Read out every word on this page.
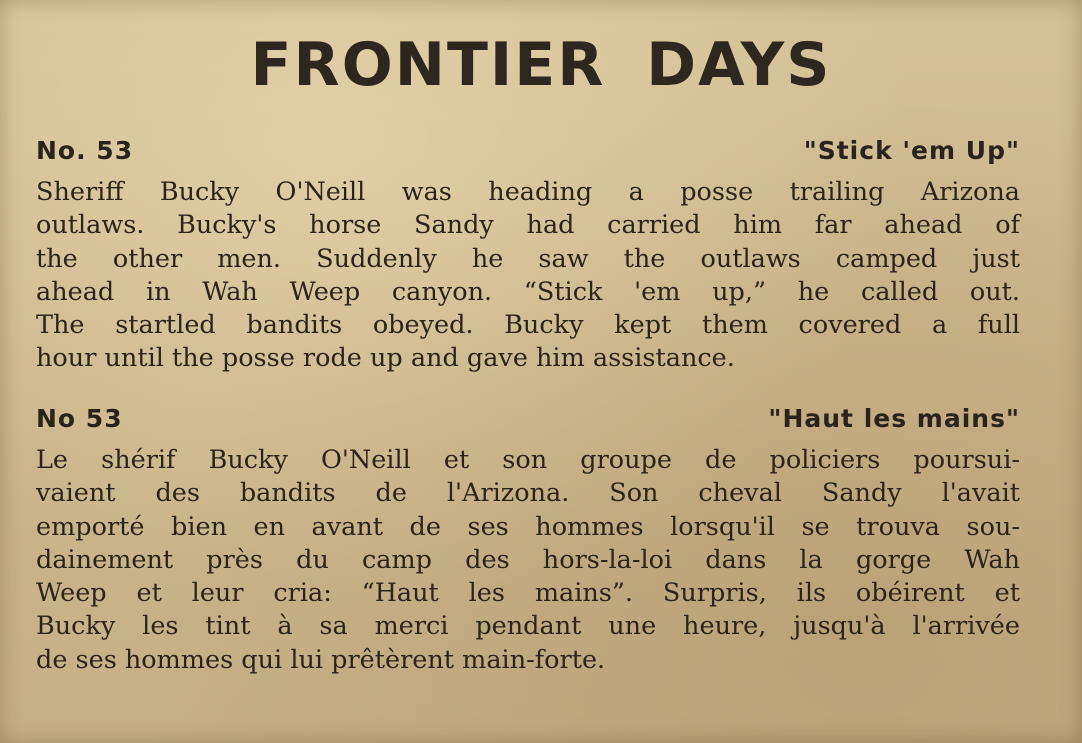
FRONTIER DAYS
No. 53	"Stick 'em Up"

Sheriff Bucky O'Neill was heading a posse trailing Arizona
outlaws. Bucky's horse Sandy had carried him far ahead of
the other men. Suddenly he saw the outlaws camped just
ahead in Wah Weep canyon. “Stick 'em up,” he called out.
The startled bandits obeyed. Bucky kept them covered a full
hour until the posse rode up and gave him assistance.

No 53	"Haut les mains"

Le shérif Bucky O'Neill et son groupe de policiers poursui-
vaient des bandits de l'Arizona. Son cheval Sandy l'avait
emporté bien en avant de ses hommes lorsqu'il se trouva sou-
dainement près du camp des hors-la-loi dans la gorge Wah
Weep et leur cria: “Haut les mains”. Surpris, ils obéirent et
Bucky les tint à sa merci pendant une heure, jusqu'à l'arrivée
de ses hommes qui lui prêtèrent main-forte.
